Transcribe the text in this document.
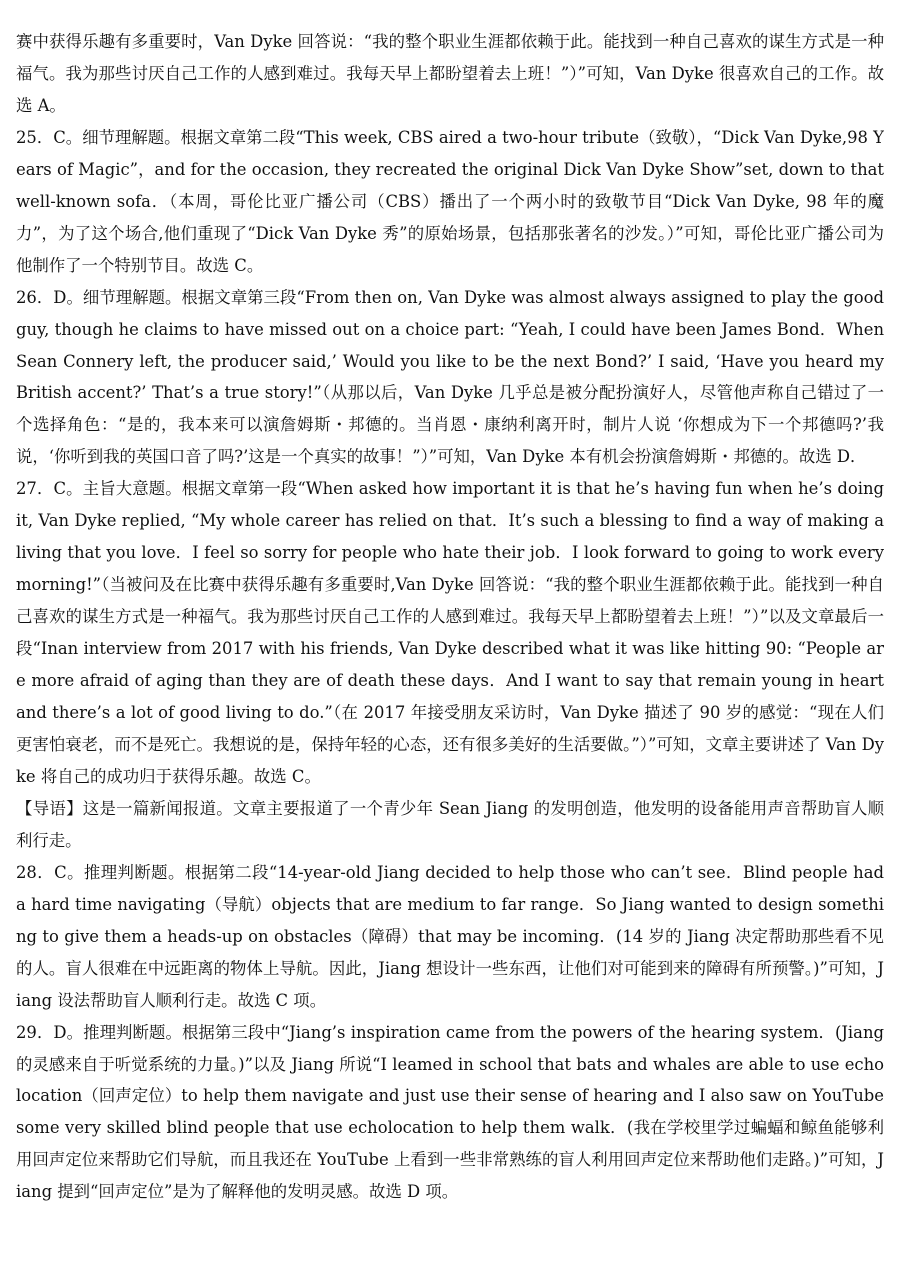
赛中获得乐趣有多重要时，Van Dyke 回答说：“我的整个职业生涯都依赖于此。能找到一种自己喜欢的谋生方式是一种福气。我为那些讨厌自己工作的人感到难过。我每天早上都盼望着去上班！”）”可知，Van Dyke 很喜欢自己的工作。故选 A。

25．C。细节理解题。根据文章第二段“This week, CBS aired a two-hour tribute（致敬），“Dick Van Dyke,98 Years of Magic”，and for the occasion, they recreated the original Dick Van Dyke Show”set, down to that well-known sofa．（本周，哥伦比亚广播公司（CBS）播出了一个两小时的致敬节目“Dick Van Dyke, 98 年的魔力”，为了这个场合,他们重现了“Dick Van Dyke 秀”的原始场景，包括那张著名的沙发。）”可知，哥伦比亚广播公司为他制作了一个特别节目。故选 C。

26．D。细节理解题。根据文章第三段“From then on, Van Dyke was almost always assigned to play the good guy, though he claims to have missed out on a choice part: “Yeah, I could have been James Bond．When Sean Connery left, the producer said,’ Would you like to be the next Bond?’ I said, ‘Have you heard my British accent?’ That’s a true story!”（从那以后，Van Dyke 几乎总是被分配扮演好人，尽管他声称自己错过了一个选择角色：“是的，我本来可以演詹姆斯・邦德的。当肖恩・康纳利离开时，制片人说 ‘你想成为下一个邦德吗?’我说，‘你听到我的英国口音了吗?’这是一个真实的故事！”）”可知，Van Dyke 本有机会扮演詹姆斯・邦德的。故选 D．

27．C。主旨大意题。根据文章第一段“When asked how important it is that he’s having fun when he’s doing it, Van Dyke replied, “My whole career has relied on that．It’s such a blessing to find a way of making a living that you love．I feel so sorry for people who hate their job．I look forward to going to work every morning!”（当被问及在比赛中获得乐趣有多重要时,Van Dyke 回答说：“我的整个职业生涯都依赖于此。能找到一种自己喜欢的谋生方式是一种福气。我为那些讨厌自己工作的人感到难过。我每天早上都盼望着去上班！”）”以及文章最后一段“Inan interview from 2017 with his friends, Van Dyke described what it was like hitting 90: “People are more afraid of aging than they are of death these days．And I want to say that remain young in heart and there’s a lot of good living to do.”（在 2017 年接受朋友采访时，Van Dyke 描述了 90 岁的感觉：“现在人们更害怕衰老，而不是死亡。我想说的是，保持年轻的心态，还有很多美好的生活要做。”）”可知，文章主要讲述了 Van Dyke 将自己的成功归于获得乐趣。故选 C。

【导语】这是一篇新闻报道。文章主要报道了一个青少年 Sean Jiang 的发明创造，他发明的设备能用声音帮助盲人顺利行走。

28．C。推理判断题。根据第二段“14-year-old Jiang decided to help those who can’t see．Blind people had a hard time navigating（导航）objects that are medium to far range．So Jiang wanted to design something to give them a heads-up on obstacles（障碍）that may be incoming．(14 岁的 Jiang 决定帮助那些看不见的人。盲人很难在中远距离的物体上导航。因此，Jiang 想设计一些东西，让他们对可能到来的障碍有所预警。)”可知，Jiang 设法帮助盲人顺利行走。故选 C 项。

29．D。推理判断题。根据第三段中“Jiang’s inspiration came from the powers of the hearing system．(Jiang 的灵感来自于听觉系统的力量。)”以及 Jiang 所说“I leamed in school that bats and whales are able to use echolocation（回声定位）to help them navigate and just use their sense of hearing and I also saw on YouTube some very skilled blind people that use echolocation to help them walk．(我在学校里学过蝙蝠和鲸鱼能够利用回声定位来帮助它们导航，而且我还在 YouTube 上看到一些非常熟练的盲人利用回声定位来帮助他们走路。)”可知，Jiang 提到“回声定位”是为了解释他的发明灵感。故选 D 项。
